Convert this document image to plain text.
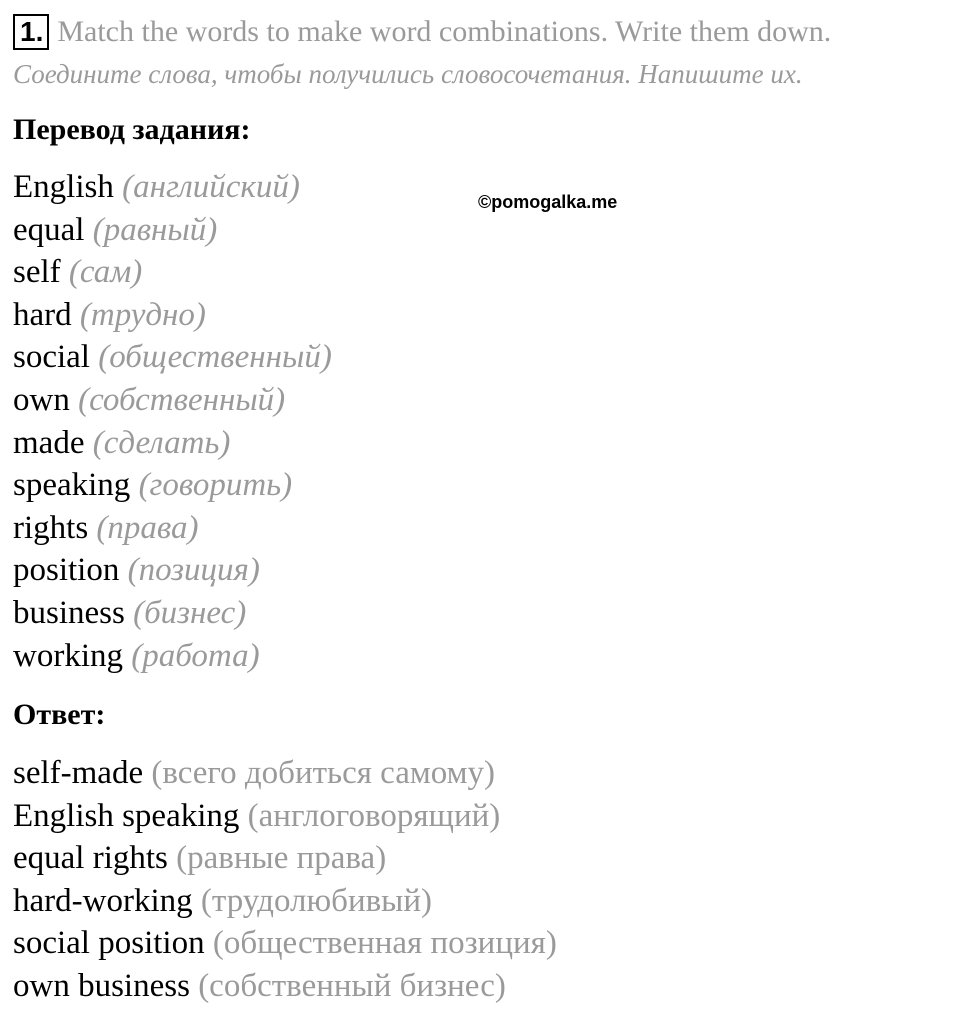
1. Match the words to make word combinations. Write them down.
Соедините слова, чтобы получились словосочетания. Напишите их.
Перевод задания:
©pomogalka.me
English (английский)
equal (равный)
self (сам)
hard (трудно)
social (общественный)
own (собственный)
made (сделать)
speaking (говорить)
rights (права)
position (позиция)
business (бизнес)
working (работа)
Ответ:
self-made (всего добиться самому)
English speaking (англоговорящий)
equal rights (равные права)
hard-working (трудолюбивый)
social position (общественная позиция)
own business (собственный бизнес)
